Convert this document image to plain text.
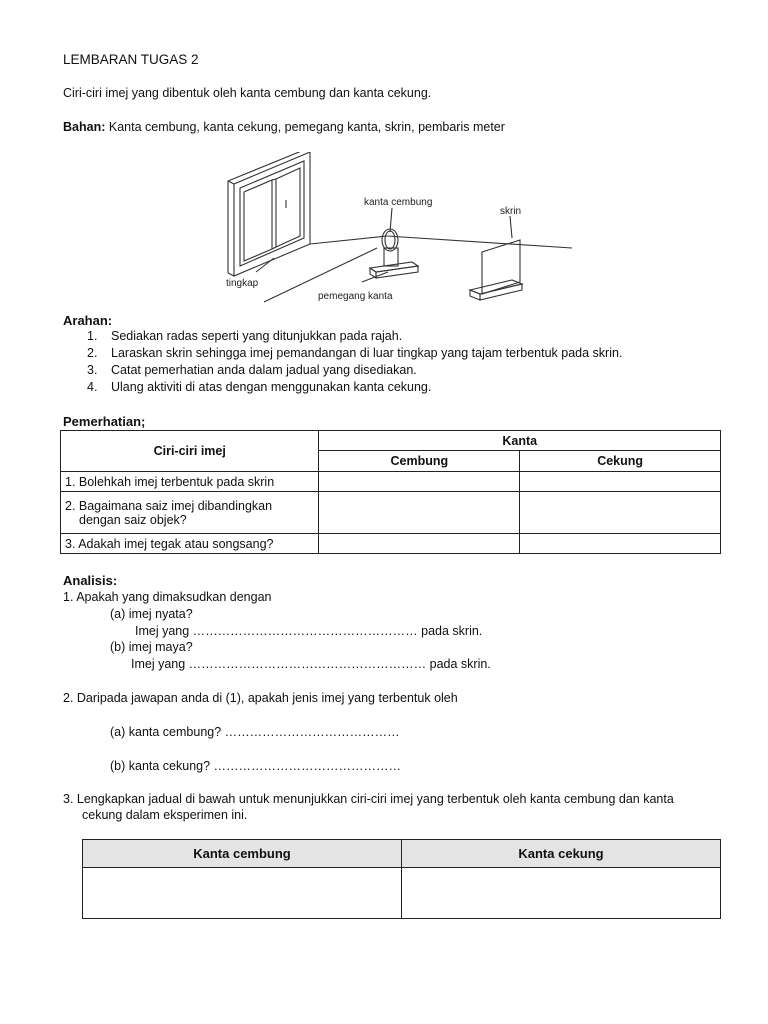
LEMBARAN TUGAS 2
Ciri-ciri imej yang dibentuk oleh kanta cembung dan kanta cekung.
Bahan: Kanta cembung, kanta cekung, pemegang kanta, skrin, pembaris meter
kanta cembung
skrin
tingkap
pemegang kanta
Arahan:
1. Sediakan radas seperti yang ditunjukkan pada rajah.
2. Laraskan skrin sehingga imej pemandangan di luar tingkap yang tajam terbentuk pada skrin.
3. Catat pemerhatian anda dalam jadual yang disediakan.
4. Ulang aktiviti di atas dengan menggunakan kanta cekung.
Pemerhatian;
Ciri-ciri imej	Kanta	
	Cembung	Cekung
1. Bolehkah imej terbentuk pada skrin		

2. Bagaimana saiz imej dibandingkan
dengan saiz objek?		

3. Adakah imej tegak atau songsang?		
Analisis:
1. Apakah yang dimaksudkan dengan
(a) imej nyata?
Imej yang ……………………………………………… pada skrin.
(b) imej maya?
Imej yang ………………………………………………… pada skrin.
2. Daripada jawapan anda di (1), apakah jenis imej yang terbentuk oleh
(a) kanta cembung? ……………………………………
(b) kanta cekung? ………………………………………
3. Lengkapkan jadual di bawah untuk menunjukkan ciri-ciri imej yang terbentuk oleh kanta cembung dan kanta
cekung dalam eksperimen ini.
Kanta cembung	Kanta cekung
